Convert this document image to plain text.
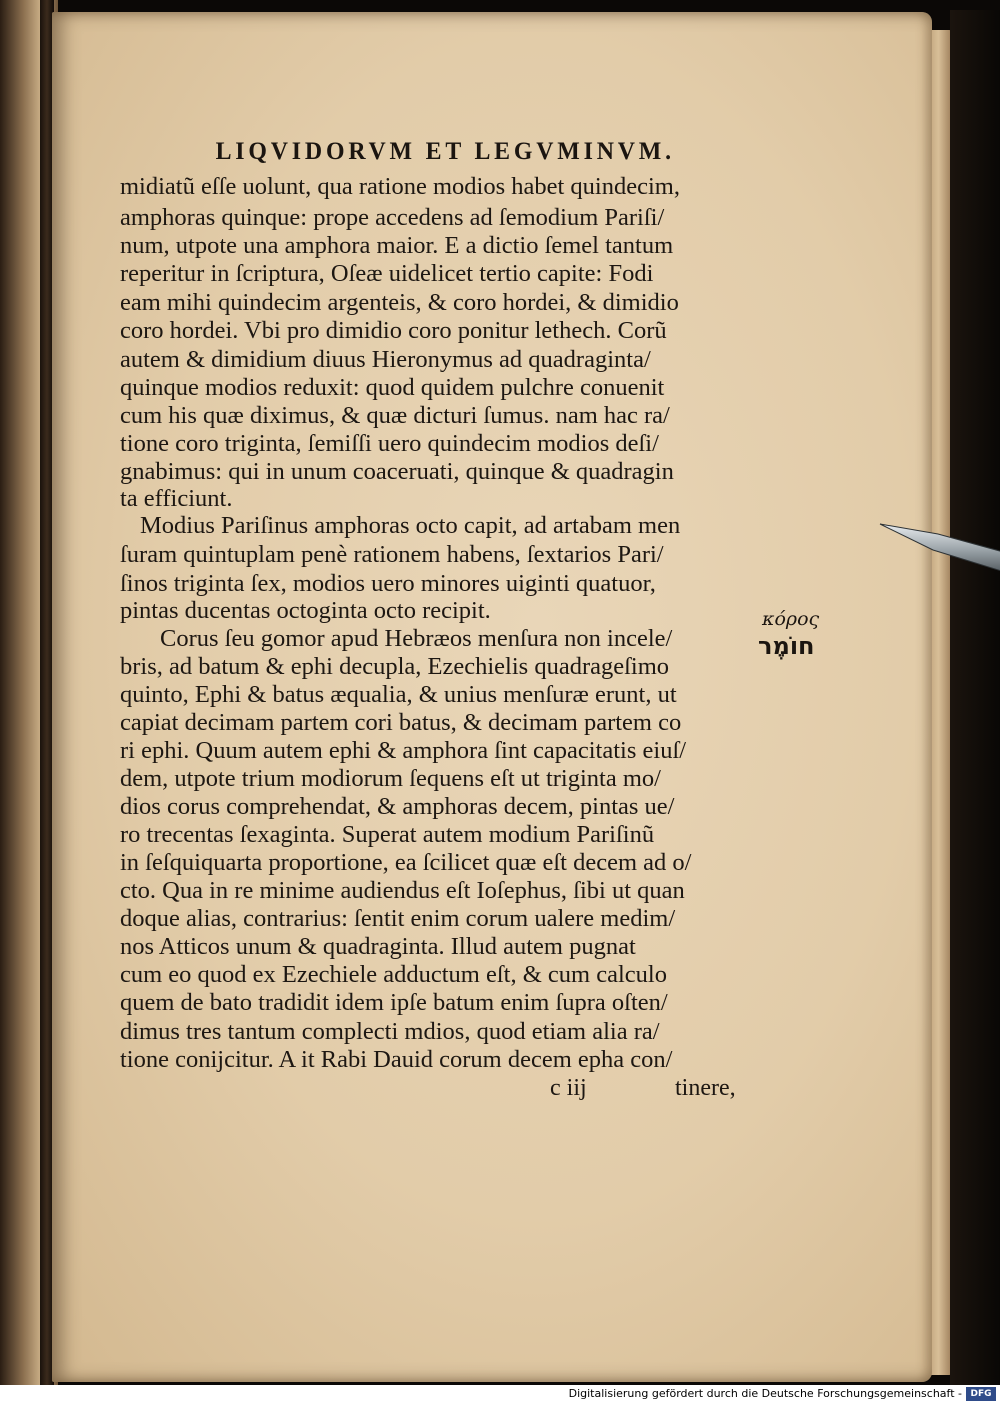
LIQVIDORVM ET LEGVMINVM.
midiatũ eſſe uolunt, qua ratione modios habet quindecim,
amphoras quinque: prope accedens ad ſemodium Pariſi/
num, utpote una amphora maior. E a dictio ſemel tantum
reperitur in ſcriptura, Oſeæ uidelicet tertio capite: Fodi
eam mihi quindecim argenteis, & coro hordei, & dimidio
coro hordei. Vbi pro dimidio coro ponitur lethech. Corũ
autem & dimidium diuus Hieronymus ad quadraginta/
quinque modios reduxit: quod quidem pulchre conuenit
cum his quæ diximus, & quæ dicturi ſumus. nam hac ra/
tione coro triginta, ſemiſſi uero quindecim modios deſi/
gnabimus: qui in unum coaceruati, quinque & quadragin
ta efficiunt.
Modius Pariſinus amphoras octo capit, ad artabam men
ſuram quintuplam penè rationem habens, ſextarios Pari/
ſinos triginta ſex, modios uero minores uiginti quatuor,
pintas ducentas octoginta octo recipit.
Corus ſeu gomor apud Hebræos menſura non incele/
bris, ad batum & ephi decupla, Ezechielis quadrageſimo
quinto, Ephi & batus æqualia, & unius menſuræ erunt, ut
capiat decimam partem cori batus, & decimam partem co
ri ephi. Quum autem ephi & amphora ſint capacitatis eiuſ/
dem, utpote trium modiorum ſequens eſt ut triginta mo/
dios corus comprehendat, & amphoras decem, pintas ue/
ro trecentas ſexaginta. Superat autem modium Pariſinũ
in ſeſquiquarta proportione, ea ſcilicet quæ eſt decem ad o/
cto. Qua in re minime audiendus eſt Ioſephus, ſibi ut quan
doque alias, contrarius: ſentit enim corum ualere medim/
nos Atticos unum & quadraginta. Illud autem pugnat
cum eo quod ex Ezechiele adductum eſt, & cum calculo
quem de bato tradidit idem ipſe batum enim ſupra oſten/
dimus tres tantum complecti mdios, quod etiam alia ra/
tione conijcitur. A it Rabi Dauid corum decem epha con/
κόρος
חוֹמֶר
c iij	tinere,
Digitalisierung gefördert durch die Deutsche Forschungsgemeinschaft - DFG
